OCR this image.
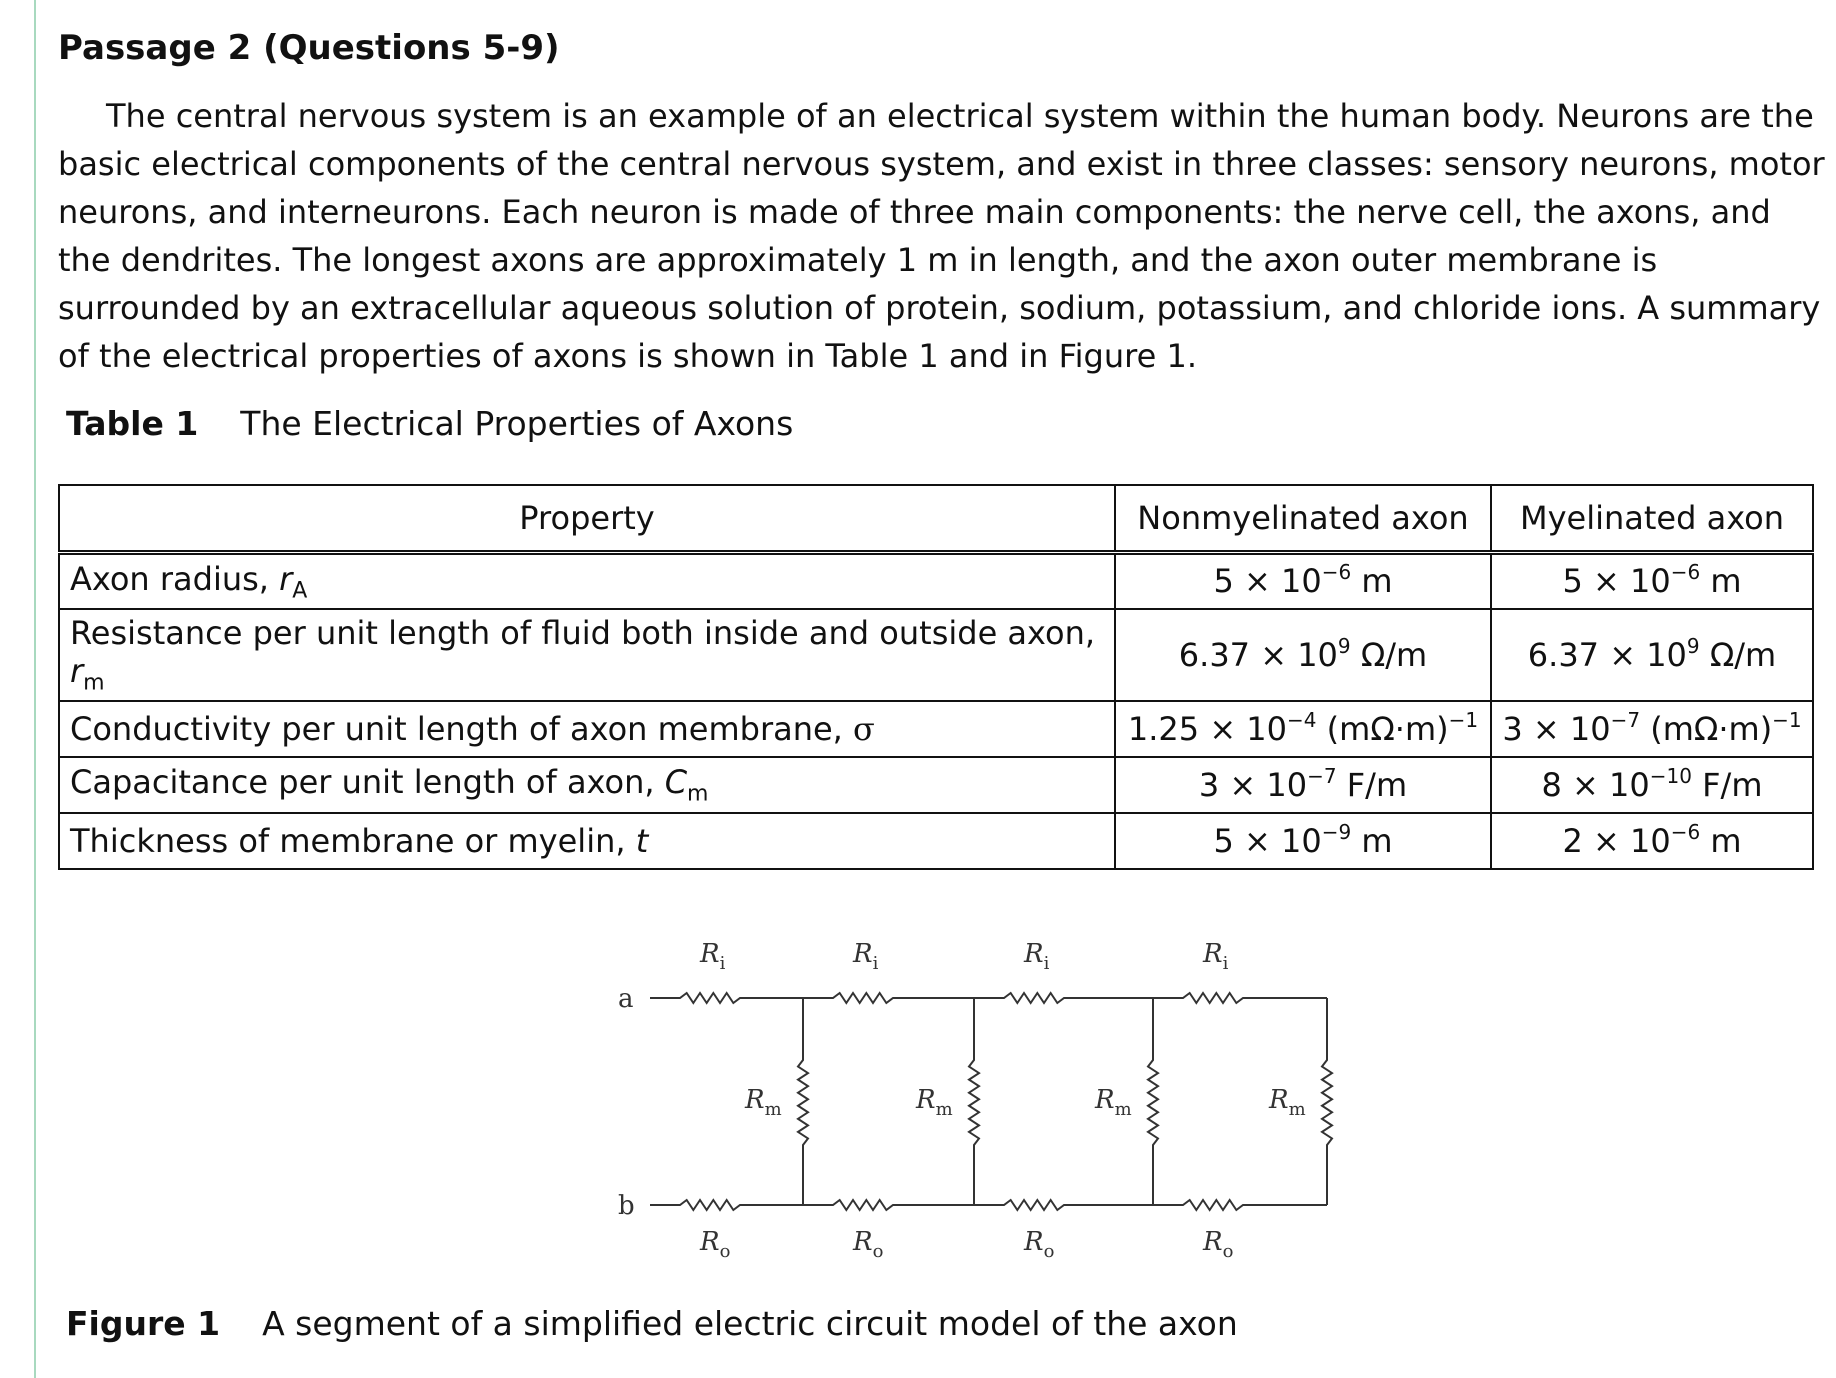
Passage 2 (Questions 5-9)

The central nervous system is an example of an electrical system within the human body. Neurons are the basic electrical components of the central nervous system, and exist in three classes: sensory neurons, motor neurons, and interneurons. Each neuron is made of three main components: the nerve cell, the axons, and the dendrites. The longest axons are approximately 1 m in length, and the axon outer membrane is surrounded by an extracellular aqueous solution of protein, sodium, potassium, and chloride ions. A summary of the electrical properties of axons is shown in Table 1 and in Figure 1.

Table 1 The Electrical Properties of Axons
Property	Nonmyelinated axon	Myelinated axon
Axon radius, $r_A$	$5 \times 10^{-6}$ m	$5 \times 10^{-6}$ m
Resistance per unit length of fluid both inside and outside axon, $r_m$	$6.37 \times 10^9$ Ω/m	$6.37 \times 10^9$ Ω/m
Conductivity per unit length of axon membrane, σ	$1.25 \times 10^{-4}$ $(m\Omega\cdot m)^{-1}$	$3 \times 10^{-7}$ $(m\Omega\cdot m)^{-1}$
Capacitance per unit length of axon, $C_m$	$3 \times 10^{-7}$ F/m	$8 \times 10^{-10}$ F/m
Thickness of membrane or myelin, t	$5 \times 10^{-9}$ m	$2 \times 10^{-6}$ m
$R_i$
$R_o$
$R_m$
$R_i$
$R_o$
$R_m$
$R_i$
$R_o$
$R_m$
$R_i$
$R_o$
$R_m$
a
b
Figure 1 A segment of a simplified electric circuit model of the axon
